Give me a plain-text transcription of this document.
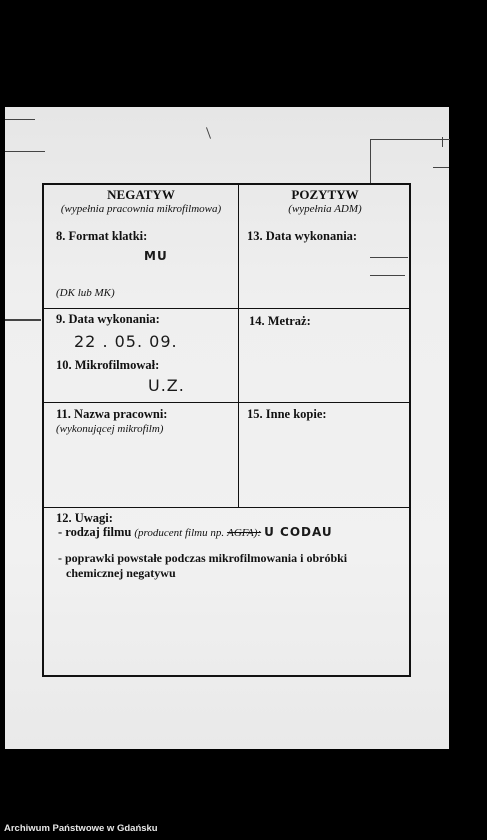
NEGATYW
(wypełnia pracownia mikrofilmowa)
8. Format klatki:
MU
(DK lub MK)
POZYTYW
(wypełnia ADM)
13. Data wykonania:
9. Data wykonania:
22 . 05. 09.
10. Mikrofilmował:
U.Z.
14. Metraż:
11. Nazwa pracowni:
(wykonującej mikrofilm)
15. Inne kopie:
12. Uwagi:
- rodzaj filmu (producent filmu np. AGFA): U CODAU
- poprawki powstałe podczas mikrofilmowania i obróbki
chemicznej negatywu
Archiwum Państwowe w Gdańsku
